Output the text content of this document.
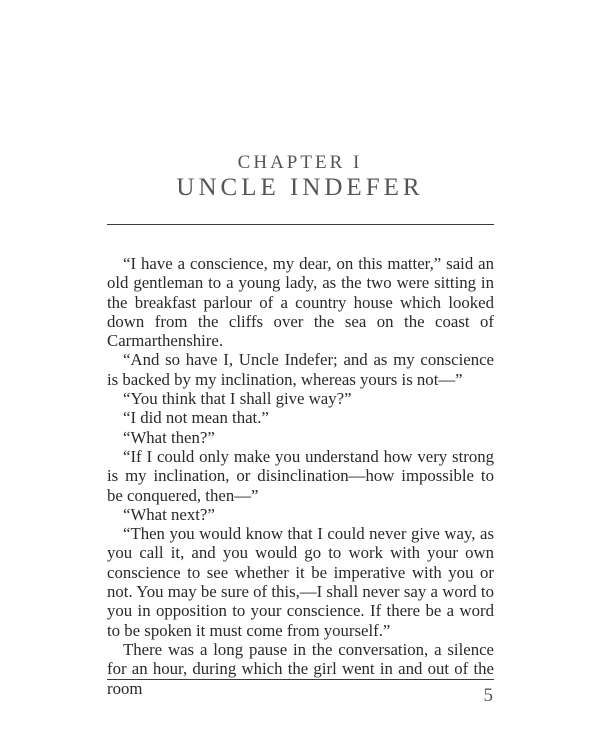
CHAPTER I
UNCLE INDEFER

“I have a conscience, my dear, on this matter,” said an old gentleman to a young lady, as the two were sitting in the breakfast parlour of a country house which looked down from the cliffs over the sea on the coast of Carmarthenshire.

“And so have I, Uncle Indefer; and as my conscience is backed by my inclination, whereas yours is not—”

“You think that I shall give way?”

“I did not mean that.”

“What then?”

“If I could only make you understand how very strong is my inclination, or disinclination—how impossible to be conquered, then—”

“What next?”

“Then you would know that I could never give way, as you call it, and you would go to work with your own conscience to see whether it be imperative with you or not. You may be sure of this,—I shall never say a word to you in opposition to your conscience. If there be a word to be spoken it must come from yourself.”

There was a long pause in the conversation, a silence for an hour, during which the girl went in and out of the room	5
